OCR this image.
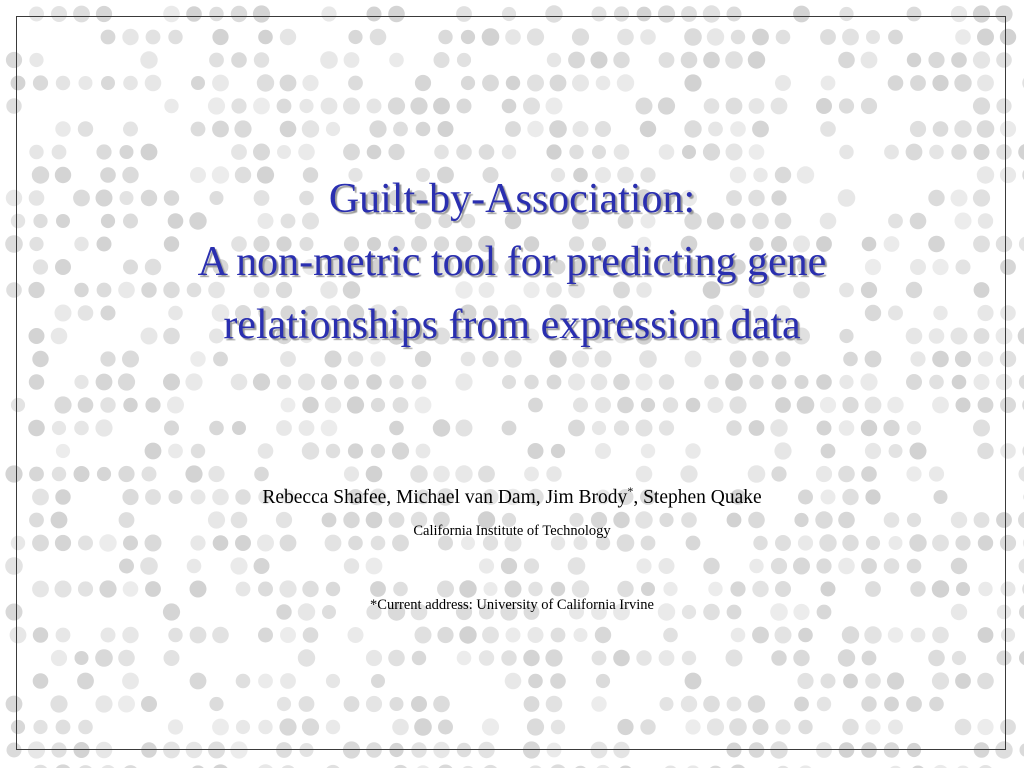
Guilt-by-Association:
A non-metric tool for predicting gene
relationships from expression data
Rebecca Shafee, Michael van Dam, Jim Brody*, Stephen Quake
California Institute of Technology
*Current address: University of California Irvine
